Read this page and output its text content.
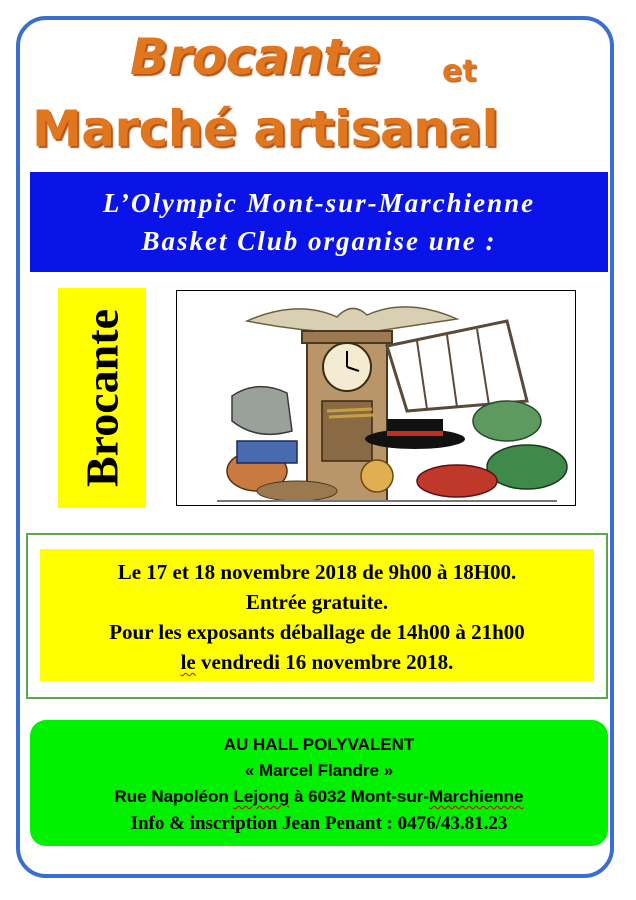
Brocante et
Marché artisanal
L’Olympic Mont-sur-Marchienne
Basket Club organise une :
Brocante
Le 17 et 18 novembre 2018 de 9h00 à 18H00.
Entrée gratuite.
Pour les exposants déballage de 14h00 à 21h00
le vendredi 16 novembre 2018.
AU HALL POLYVALENT
« Marcel Flandre »
Rue Napoléon Lejong à 6032 Mont-sur-Marchienne
Info & inscription Jean Penant : 0476/43.81.23
